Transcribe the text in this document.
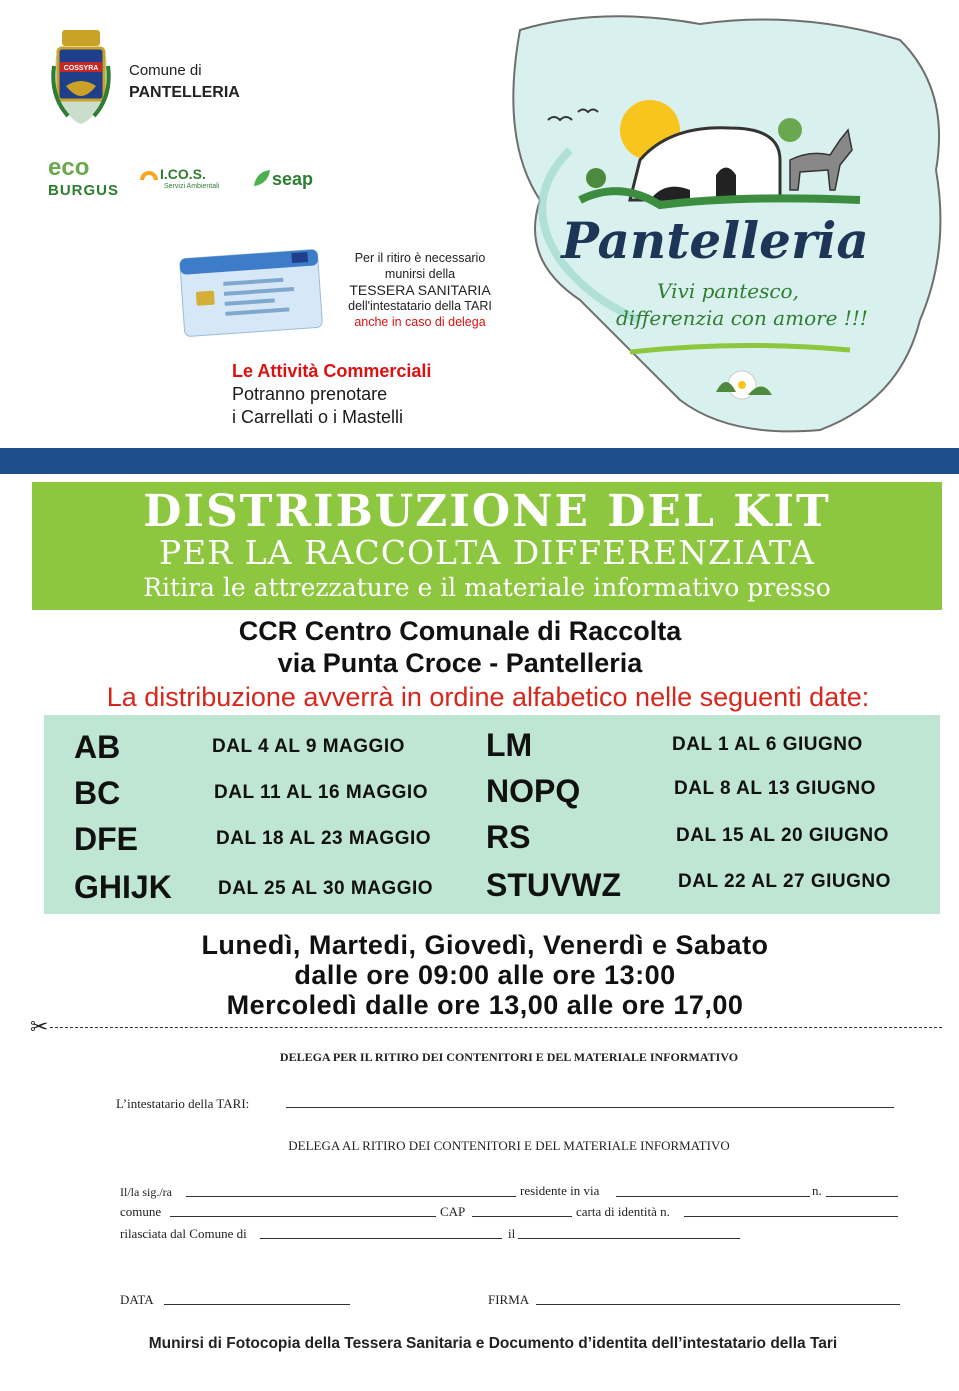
COSSYRA Comune di
PANTELLERIA
eco
BURGUS
I.CO.S.
Servizi Ambientali	seap
Per il ritiro è necessario
munirsi della
TESSERA SANITARIA
dell'intestatario della TARI
anche in caso di delega
Le Attività Commerciali
Potranno prenotare
i Carrellati o i Mastelli
Pantelleria
Vivi pantesco,
differenzia con amore !!!
DISTRIBUZIONE DEL KIT
PER LA RACCOLTA DIFFERENZIATA
Ritira le attrezzature e il materiale informativo presso
CCR Centro Comunale di Raccolta
via Punta Croce - Pantelleria
La distribuzione avverrà in ordine alfabetico nelle seguenti date:
AB	DAL 4 AL 9 MAGGIO
BC	DAL 11 AL 16 MAGGIO
DFE	DAL 18 AL 23 MAGGIO
GHIJK DAL 25 AL 30 MAGGIO
LM	DAL 1 AL 6 GIUGNO
NOPQ	DAL 8 AL 13 GIUGNO
RS	DAL 15 AL 20 GIUGNO
STUVWZ	DAL 22 AL 27 GIUGNO
Lunedì, Martedi, Giovedì, Venerdì e Sabato
dalle ore 09:00 alle ore 13:00
Mercoledì dalle ore 13,00 alle ore 17,00
✂
DELEGA PER IL RITIRO DEI CONTENITORI E DEL MATERIALE INFORMATIVO
L’intestatario della TARI:
DELEGA AL RITIRO DEI CONTENITORI E DEL MATERIALE INFORMATIVO
Il/la sig./ra	residente in via	n.
comune	CAP	carta di identità n.
rilasciata dal Comune di	il
DATA	FIRMA
Munirsi di Fotocopia della Tessera Sanitaria e Documento d’identita dell’intestatario della Tari
